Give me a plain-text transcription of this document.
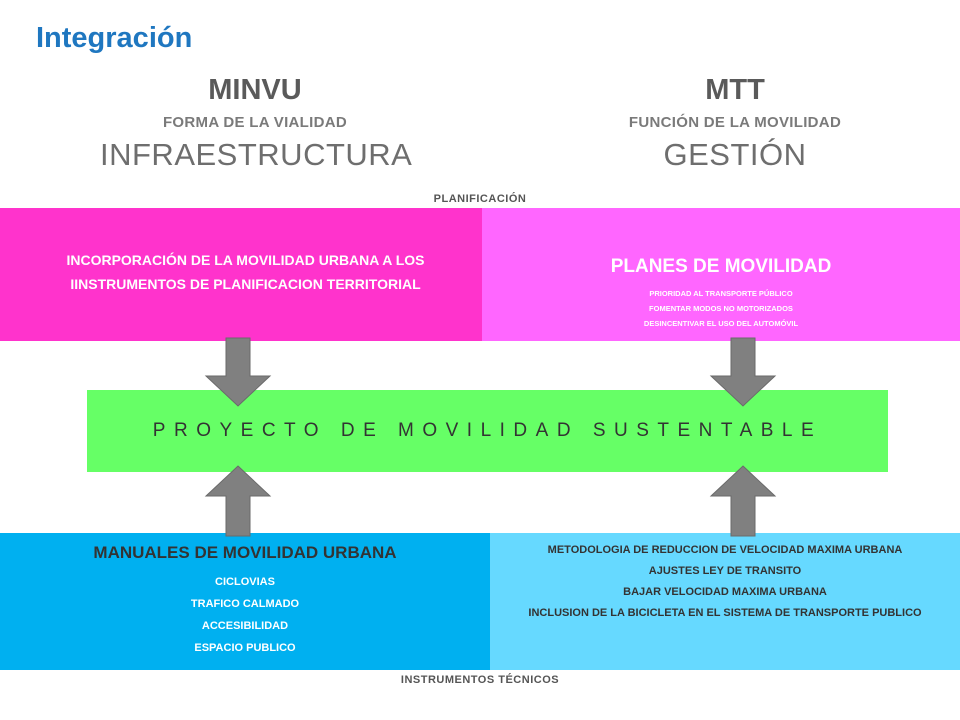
Integración
MINVU
FORMA DE LA VIALIDAD
INFRAESTRUCTURA
MTT
FUNCIÓN DE LA MOVILIDAD
GESTIÓN
PLANIFICACIÓN
INCORPORACIÓN DE LA MOVILIDAD URBANA A LOS IINSTRUMENTOS DE PLANIFICACION TERRITORIAL
PLANES DE MOVILIDAD
PRIORIDAD AL TRANSPORTE PÚBLICO
FOMENTAR MODOS NO MOTORIZADOS
DESINCENTIVAR EL USO DEL AUTOMÓVIL
PROYECTO DE MOVILIDAD SUSTENTABLE
MANUALES DE MOVILIDAD URBANA
CICLOVIAS
TRAFICO CALMADO
ACCESIBILIDAD
ESPACIO PUBLICO
METODOLOGIA DE REDUCCION DE VELOCIDAD MAXIMA URBANA
AJUSTES LEY DE TRANSITO
BAJAR VELOCIDAD MAXIMA URBANA
INCLUSION DE LA BICICLETA EN EL SISTEMA DE TRANSPORTE PUBLICO
INSTRUMENTOS TÉCNICOS
